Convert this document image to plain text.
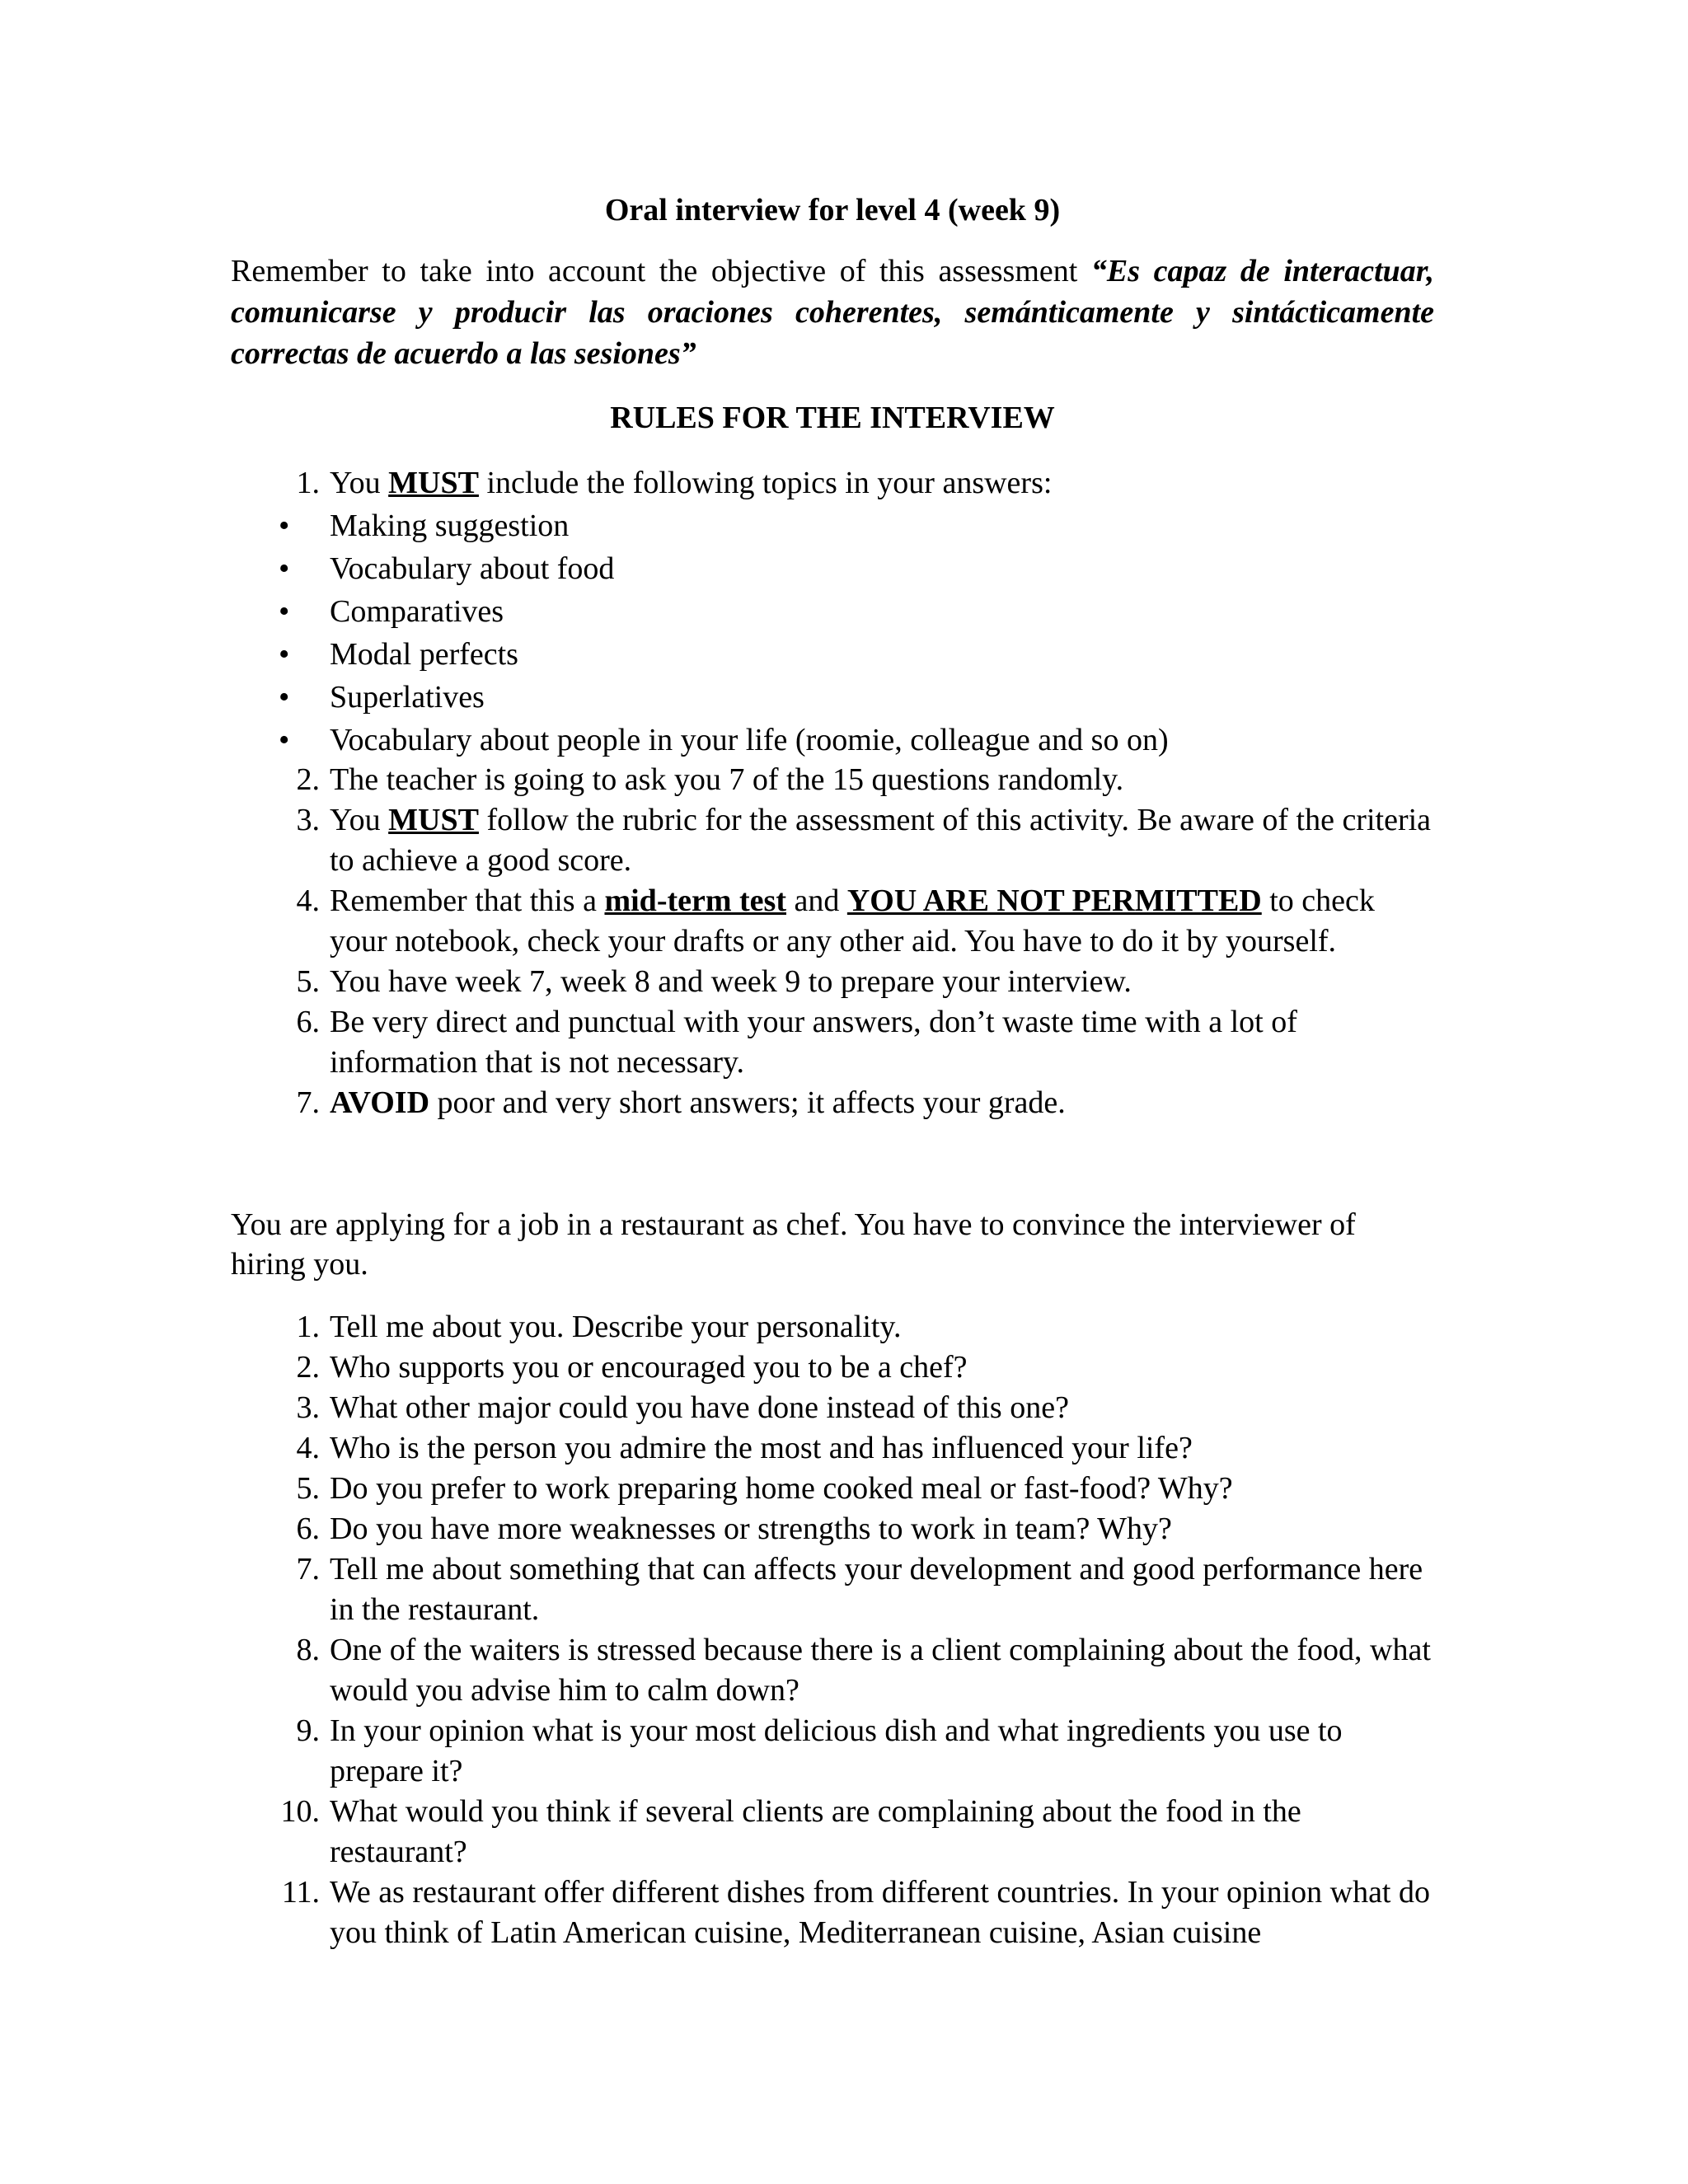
Oral interview for level 4 (week 9)
Remember to take into account the objective of this assessment “Es capaz de interactuar, comunicarse y producir las oraciones coherentes, semánticamente y sintácticamente correctas de acuerdo a las sesiones”
RULES FOR THE INTERVIEW
1. You MUST include the following topics in your answers:
• Making suggestion
• Vocabulary about food
• Comparatives
• Modal perfects
• Superlatives
• Vocabulary about people in your life (roomie, colleague and so on)
2. The teacher is going to ask you 7 of the 15 questions randomly.
3. You MUST follow the rubric for the assessment of this activity. Be aware of the criteria to achieve a good score.
4. Remember that this a mid-term test and YOU ARE NOT PERMITTED to check your notebook, check your drafts or any other aid. You have to do it by yourself.
5. You have week 7, week 8 and week 9 to prepare your interview.
6. Be very direct and punctual with your answers, don’t waste time with a lot of information that is not necessary.
7. AVOID poor and very short answers; it affects your grade.
You are applying for a job in a restaurant as chef. You have to convince the interviewer of hiring you.
1. Tell me about you. Describe your personality.
2. Who supports you or encouraged you to be a chef?
3. What other major could you have done instead of this one?
4. Who is the person you admire the most and has influenced your life?
5. Do you prefer to work preparing home cooked meal or fast-food? Why?
6. Do you have more weaknesses or strengths to work in team? Why?
7. Tell me about something that can affects your development and good performance here in the restaurant.
8. One of the waiters is stressed because there is a client complaining about the food, what would you advise him to calm down?
9. In your opinion what is your most delicious dish and what ingredients you use to prepare it?
10. What would you think if several clients are complaining about the food in the restaurant?
11. We as restaurant offer different dishes from different countries. In your opinion what do you think of Latin American cuisine, Mediterranean cuisine, Asian cuisine
